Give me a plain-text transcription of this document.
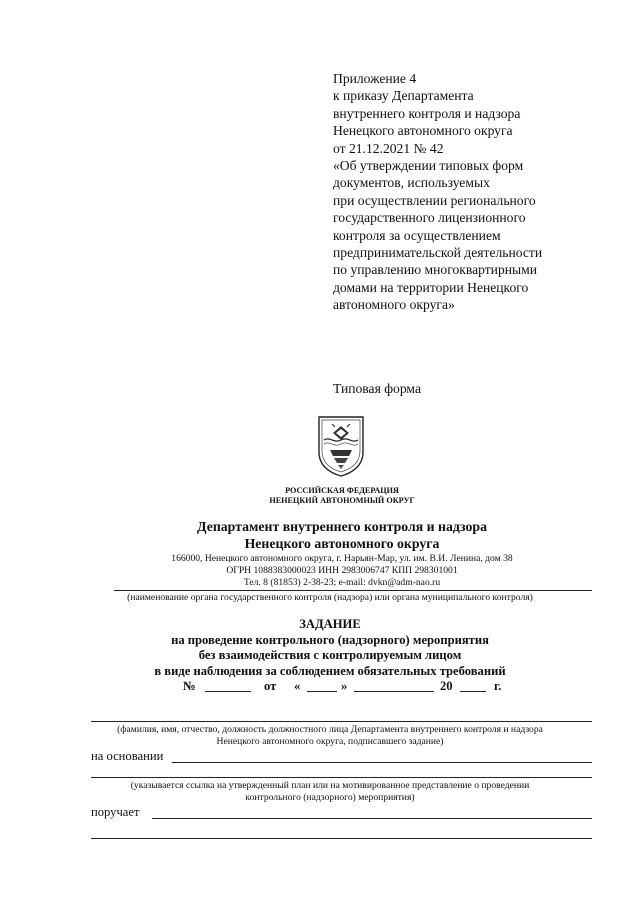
Приложение 4
к приказу Департамента
внутреннего контроля и надзора
Ненецкого автономного округа
от 21.12.2021 № 42
«Об утверждении типовых форм
документов, используемых
при осуществлении регионального
государственного лицензионного
контроля за осуществлением
предпринимательской деятельности
по управлению многоквартирными
домами на территории Ненецкого
автономного округа»
Типовая форма
РОССИЙСКАЯ ФЕДЕРАЦИЯ
НЕНЕЦКИЙ АВТОНОМНЫЙ ОКРУГ
Департамент внутреннего контроля и надзора
Ненецкого автономного округа
166000, Ненецкого автономного округа, г. Нарьян-Мар, ул. им. В.И. Ленина, дом 38
ОГРН 1088383000023 ИНН 2983006747 КПП 298301001
Тел. 8 (81853) 2-38-23; e-mail: dvkn@adm-nao.ru
(наименование органа государственного контроля (надзора) или органа муниципального контроля)
ЗАДАНИЕ
на проведение контрольного (надзорного) мероприятия
без взаимодействия с контролируемым лицом
в виде наблюдения за соблюдением обязательных требований
№	от «	»	20	г.
(фамилия, имя, отчество, должность должностного лица Департамента внутреннего контроля и надзора
Ненецкого автономного округа, подписавшего задание)
на основании
(указывается ссылка на утвержденный план или на мотивированное представление о проведении
контрольного (надзорного) мероприятия)
поручает
